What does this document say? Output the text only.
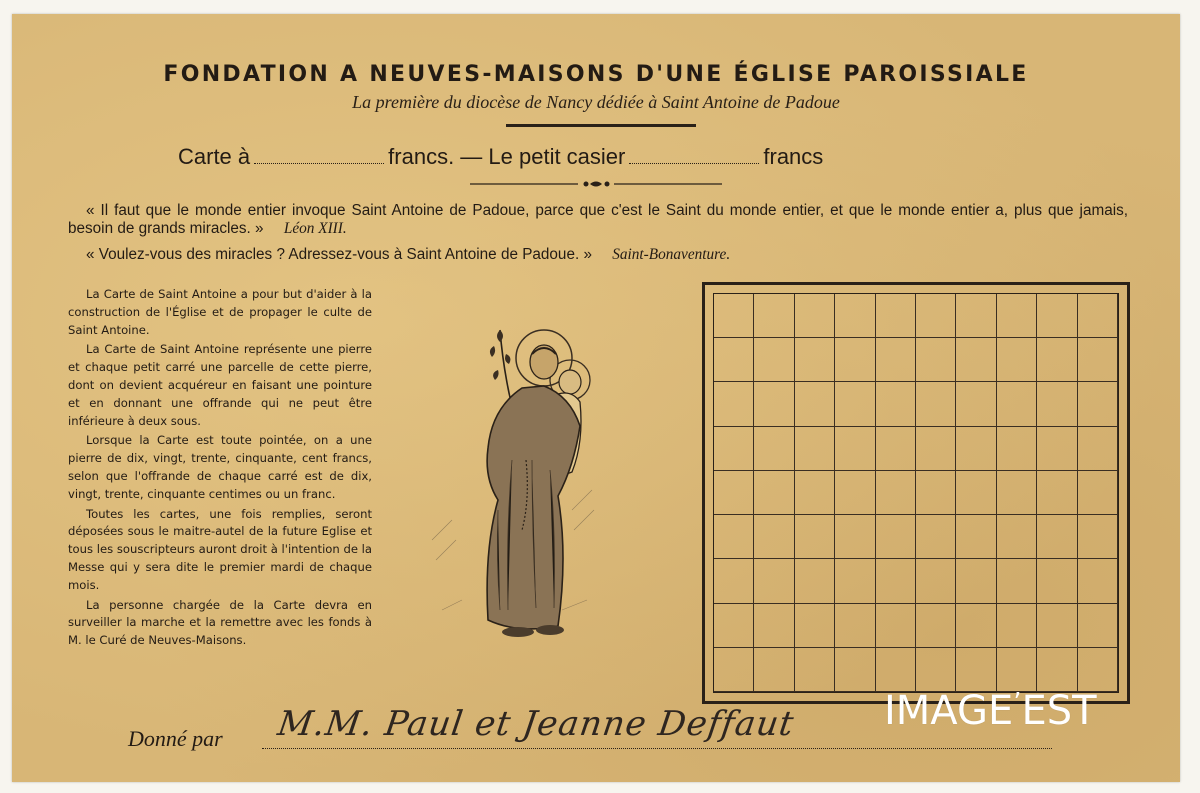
FONDATION A NEUVES-MAISONS D'UNE ÉGLISE PAROISSIALE
La première du diocèse de Nancy dédiée à Saint Antoine de Padoue
Carte à	francs. — Le petit casier	francs
« Il faut que le monde entier invoque Saint Antoine de Padoue, parce que c'est le Saint du monde entier, et que le monde entier a, plus que jamais, besoin de grands miracles. » Léon XIII.
« Voulez-vous des miracles ? Adressez-vous à Saint Antoine de Padoue. » Saint-Bonaventure.

La Carte de Saint Antoine a pour but d'aider à la construction de l'Église et de propager le culte de Saint Antoine.

La Carte de Saint Antoine représente une pierre et chaque petit carré une parcelle de cette pierre, dont on devient acquéreur en faisant une pointure et en donnant une offrande qui ne peut être inférieure à deux sous.

Lorsque la Carte est toute pointée, on a une pierre de dix, vingt, trente, cinquante, cent francs, selon que l'offrande de chaque carré est de dix, vingt, trente, cinquante centimes ou un franc.

Toutes les cartes, une fois remplies, seront déposées sous le maitre-autel de la future Eglise et tous les souscripteurs auront droit à l'intention de la Messe qui y sera dite le premier mardi de chaque mois.

La personne chargée de la Carte devra en surveiller la marche et la remettre avec les fonds à M. le Curé de Neuves-Maisons.

Donné par M.M. Paul et Jeanne Deffaut IMAGE’EST
